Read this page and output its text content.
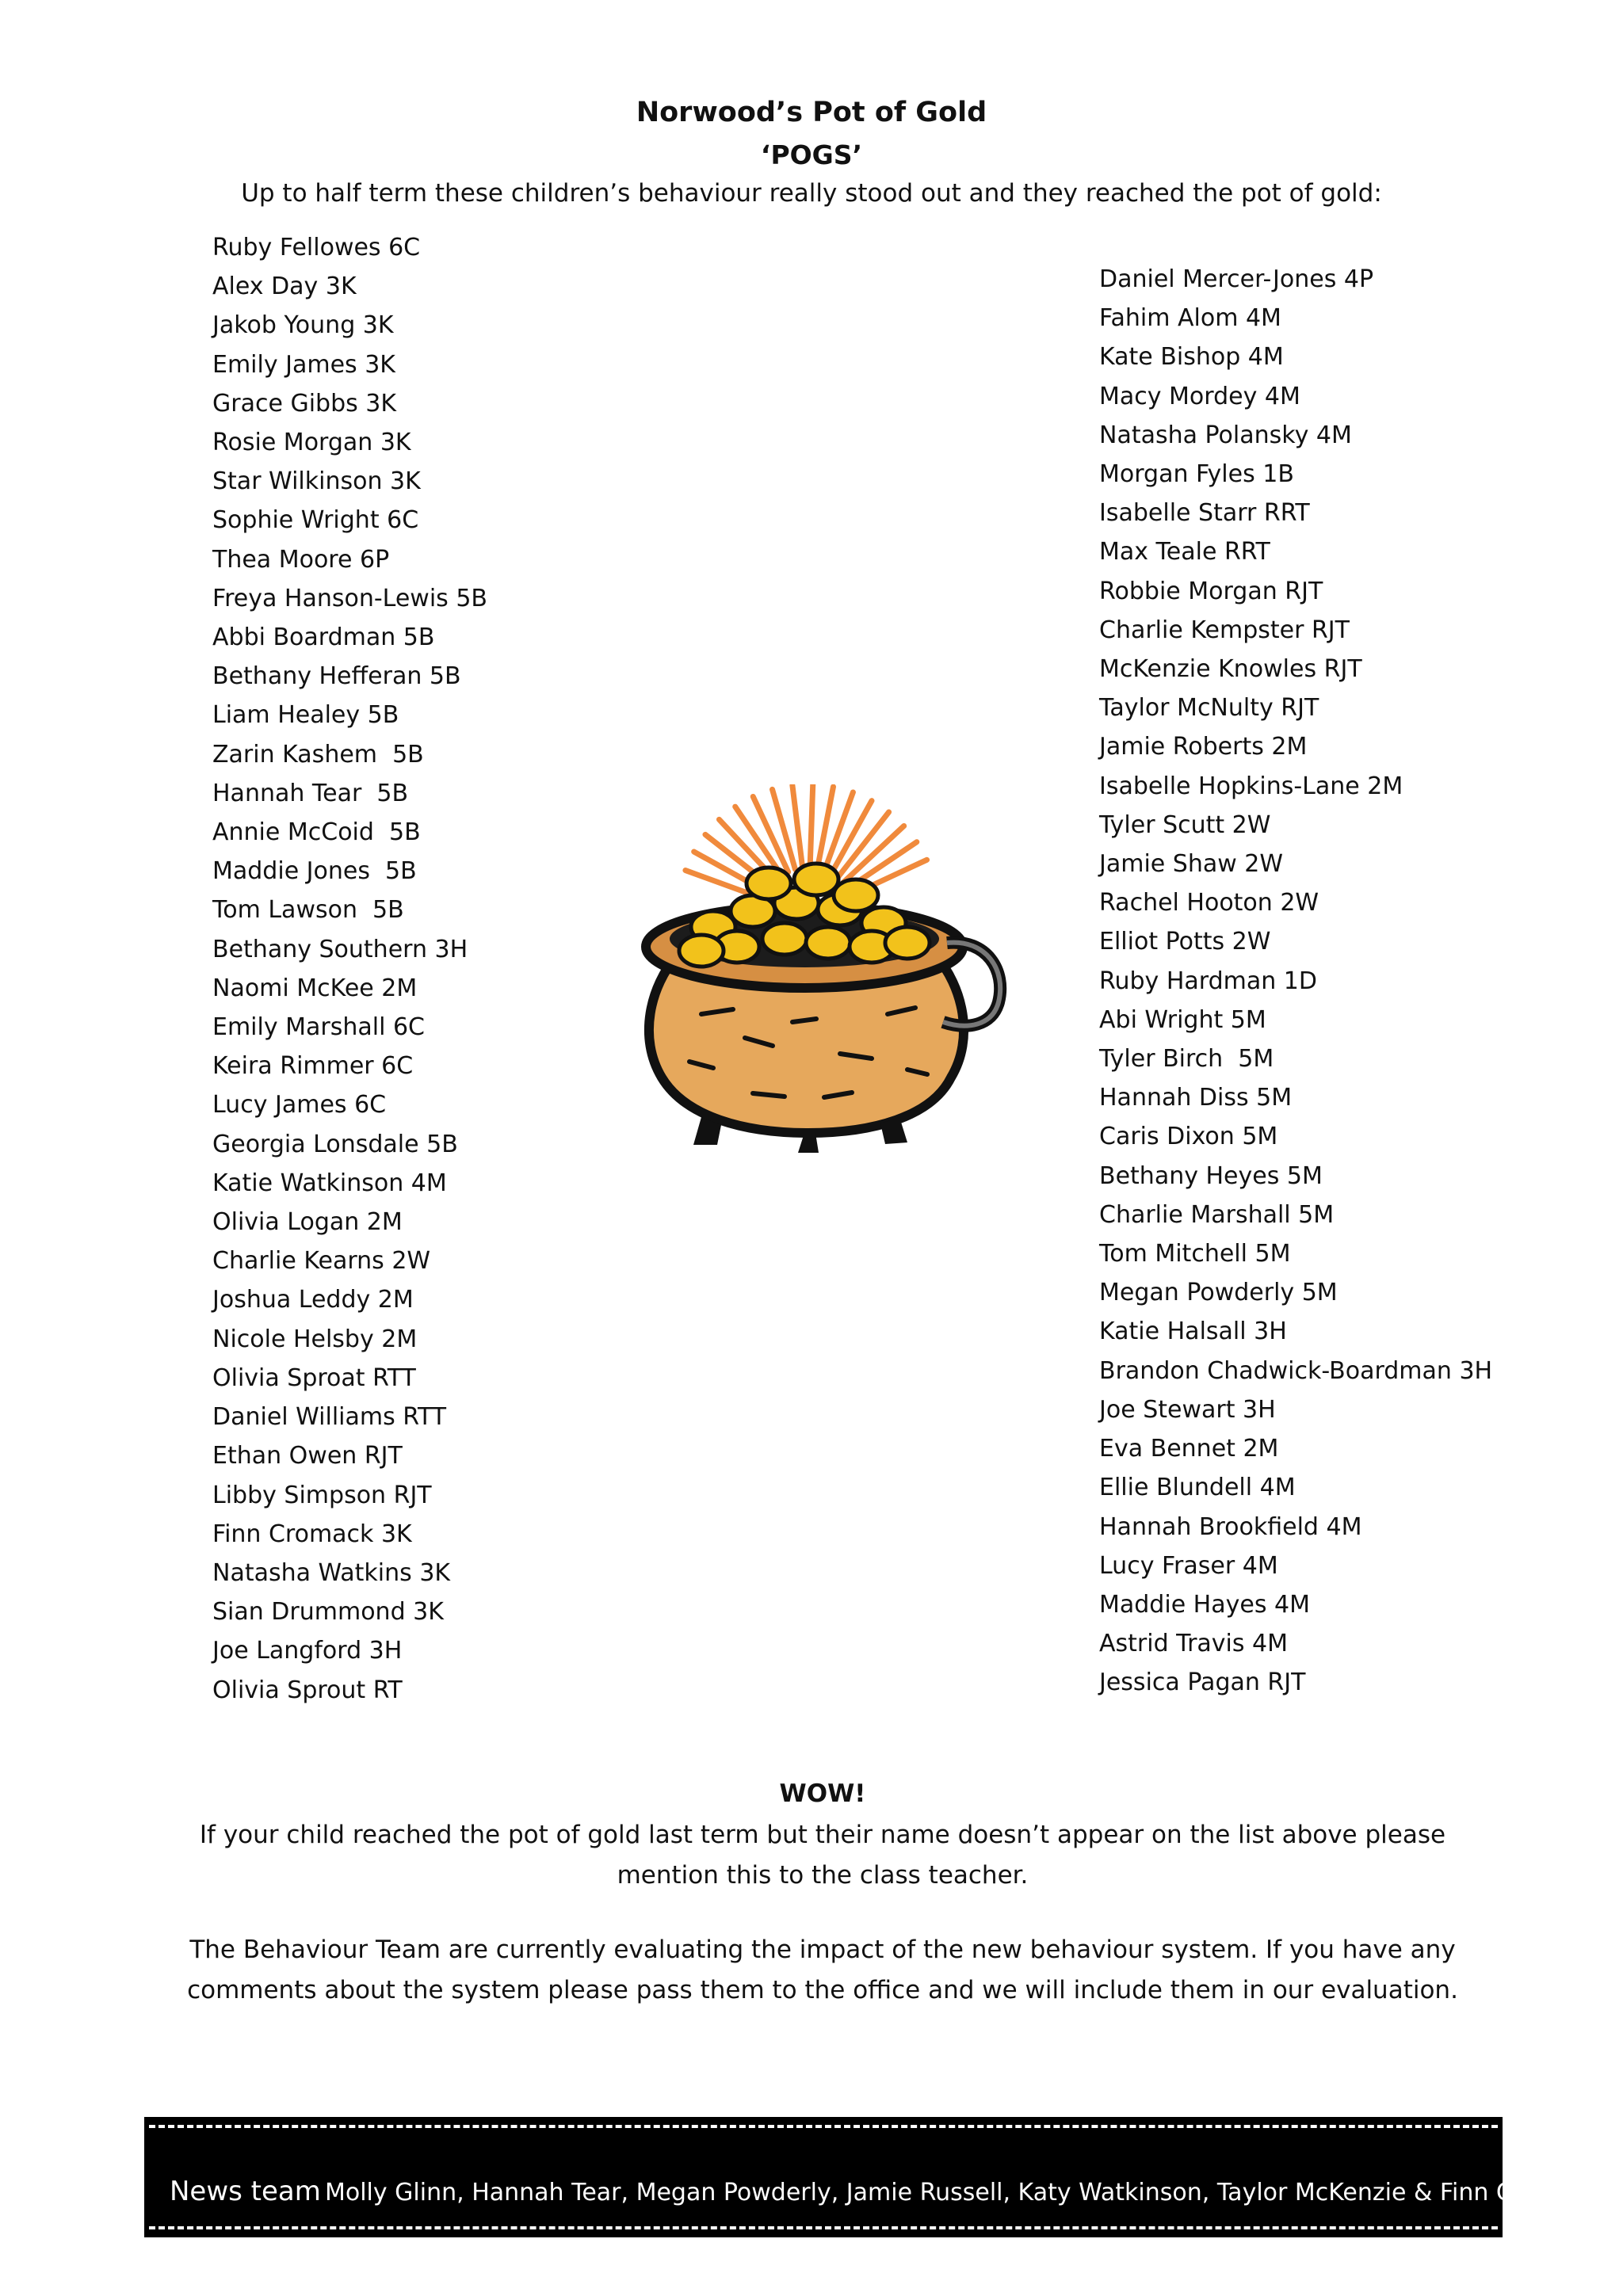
Norwood’s Pot of Gold
‘POGS’
Up to half term these children’s behaviour really stood out and they reached the pot of gold:
Ruby Fellowes 6C
Alex Day 3K
Jakob Young 3K
Emily James 3K
Grace Gibbs 3K
Rosie Morgan 3K
Star Wilkinson 3K
Sophie Wright 6C
Thea Moore 6P
Freya Hanson-Lewis 5B
Abbi Boardman 5B
Bethany Hefferan 5B
Liam Healey 5B
Zarin Kashem  5B
Hannah Tear  5B
Annie McCoid  5B
Maddie Jones  5B
Tom Lawson  5B
Bethany Southern 3H
Naomi McKee 2M
Emily Marshall 6C
Keira Rimmer 6C
Lucy James 6C
Georgia Lonsdale 5B
Katie Watkinson 4M
Olivia Logan 2M
Charlie Kearns 2W
Joshua Leddy 2M
Nicole Helsby 2M
Olivia Sproat RTT
Daniel Williams RTT
Ethan Owen RJT
Libby Simpson RJT
Finn Cromack 3K
Natasha Watkins 3K
Sian Drummond 3K
Joe Langford 3H
Olivia Sprout RT
Daniel Mercer-Jones 4P
Fahim Alom 4M
Kate Bishop 4M
Macy Mordey 4M
Natasha Polansky 4M
Morgan Fyles 1B
Isabelle Starr RRT
Max Teale RRT
Robbie Morgan RJT
Charlie Kempster RJT
McKenzie Knowles RJT
Taylor McNulty RJT
Jamie Roberts 2M
Isabelle Hopkins-Lane 2M
Tyler Scutt 2W
Jamie Shaw 2W
Rachel Hooton 2W
Elliot Potts 2W
Ruby Hardman 1D
Abi Wright 5M
Tyler Birch  5M
Hannah Diss 5M
Caris Dixon 5M
Bethany Heyes 5M
Charlie Marshall 5M
Tom Mitchell 5M
Megan Powderly 5M
Katie Halsall 3H
Brandon Chadwick-Boardman 3H
Joe Stewart 3H
Eva Bennet 2M
Ellie Blundell 4M
Hannah Brookfield 4M
Lucy Fraser 4M
Maddie Hayes 4M
Astrid Travis 4M
Jessica Pagan RJT
WOW!
If your child reached the pot of gold last term but their name doesn’t appear on the list above please mention this to the class teacher.
The Behaviour Team are currently evaluating the impact of the new behaviour system. If you have any comments about the system please pass them to the office and we will include them in our evaluation.
News team Molly Glinn, Hannah Tear, Megan Powderly, Jamie Russell, Katy Watkinson, Taylor McKenzie & Finn Cromack
